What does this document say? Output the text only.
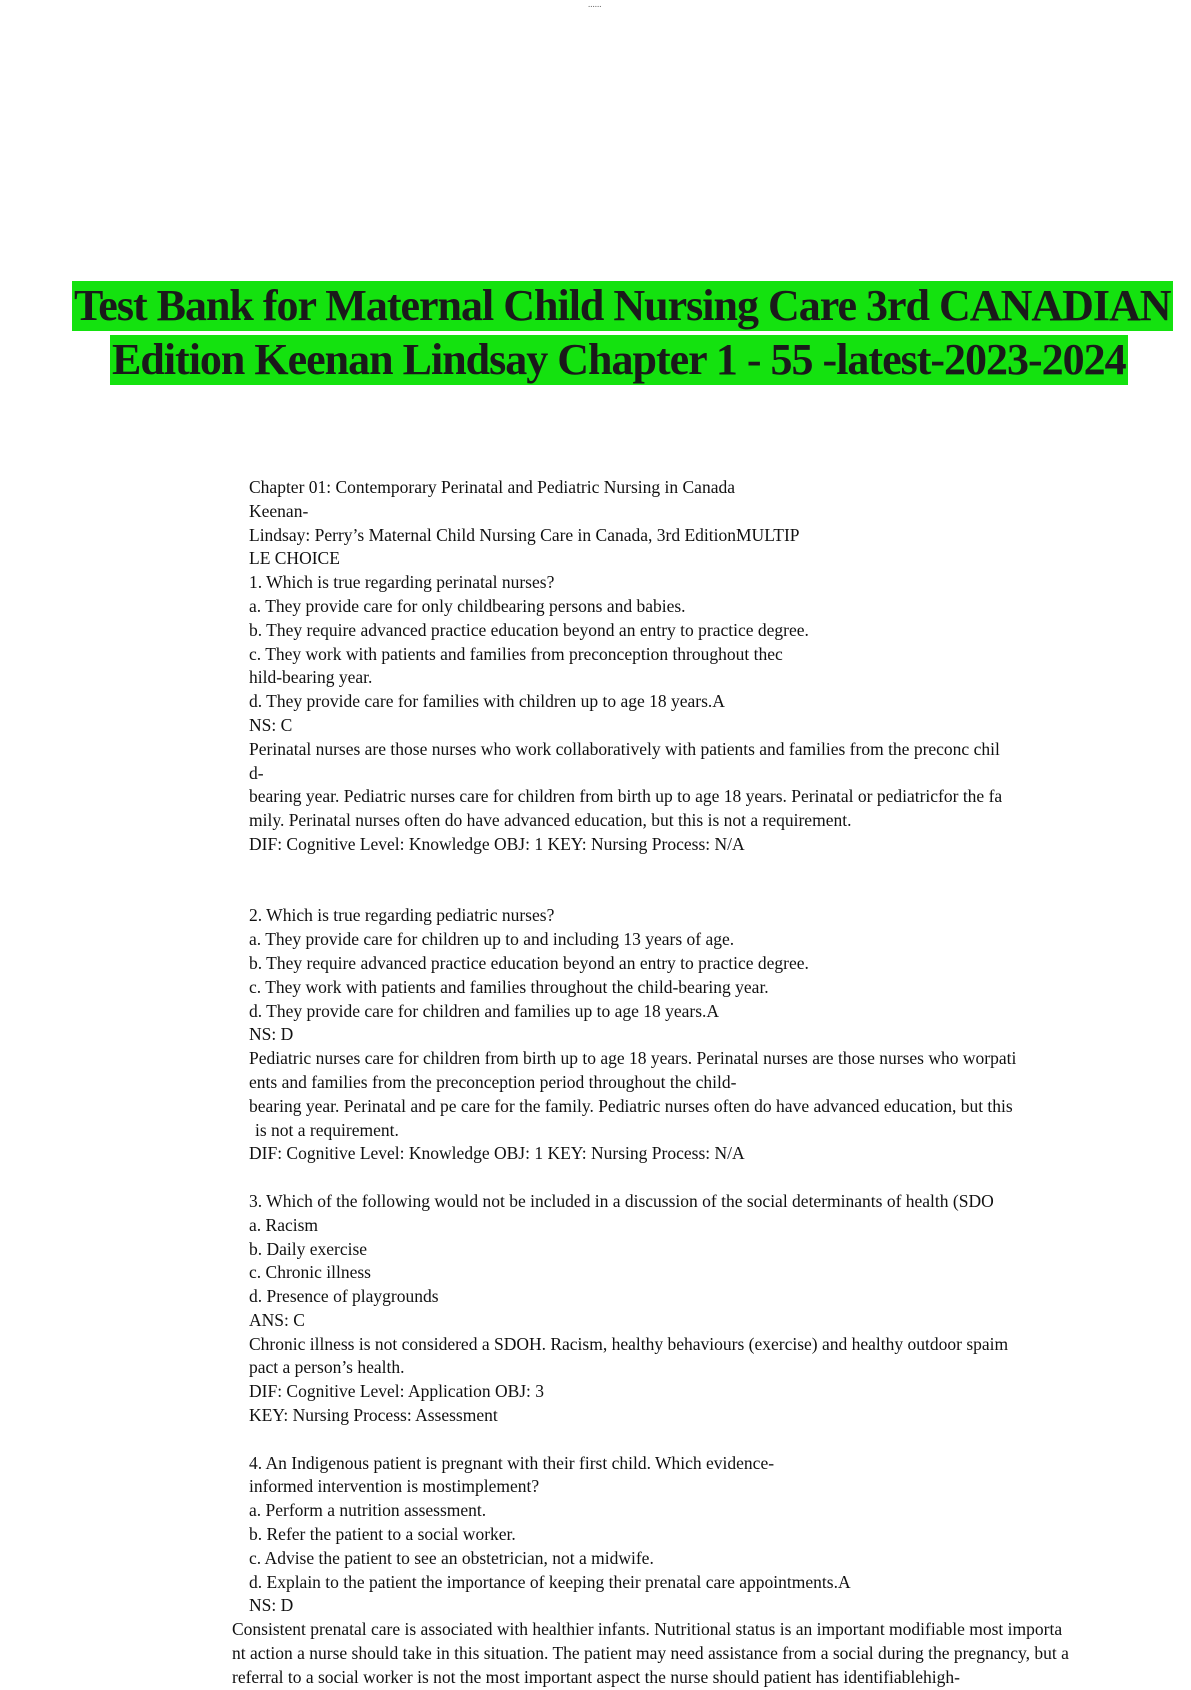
......
Test Bank for Maternal Child Nursing Care 3rd CANADIAN
Edition Keenan Lindsay Chapter 1 - 55 -latest-2023-2024
Chapter 01: Contemporary Perinatal and Pediatric Nursing in Canada
Keenan-
Lindsay: Perry’s Maternal Child Nursing Care in Canada, 3rd EditionMULTIP
LE CHOICE
1. Which is true regarding perinatal nurses?
a. They provide care for only childbearing persons and babies.
b. They require advanced practice education beyond an entry to practice degree.
c. They work with patients and families from preconception throughout thec
hild-bearing year.
d. They provide care for families with children up to age 18 years.A
NS: C
Perinatal nurses are those nurses who work collaboratively with patients and families from the preconc chil
d-
bearing year. Pediatric nurses care for children from birth up to age 18 years. Perinatal or pediatricfor the fa
mily. Perinatal nurses often do have advanced education, but this is not a requirement.
DIF: Cognitive Level: Knowledge OBJ: 1 KEY: Nursing Process: N/A
2. Which is true regarding pediatric nurses?
a. They provide care for children up to and including 13 years of age.
b. They require advanced practice education beyond an entry to practice degree.
c. They work with patients and families throughout the child-bearing year.
d. They provide care for children and families up to age 18 years.A
NS: D
Pediatric nurses care for children from birth up to age 18 years. Perinatal nurses are those nurses who worpati
ents and families from the preconception period throughout the child-
bearing year. Perinatal and pe care for the family. Pediatric nurses often do have advanced education, but this
is not a requirement.
DIF: Cognitive Level: Knowledge OBJ: 1 KEY: Nursing Process: N/A
3. Which of the following would not be included in a discussion of the social determinants of health (SDO
a. Racism
b. Daily exercise
c. Chronic illness
d. Presence of playgrounds
ANS: C
Chronic illness is not considered a SDOH. Racism, healthy behaviours (exercise) and healthy outdoor spaim
pact a person’s health.
DIF: Cognitive Level: Application OBJ: 3
KEY: Nursing Process: Assessment
4. An Indigenous patient is pregnant with their first child. Which evidence-
informed intervention is mostimplement?
a. Perform a nutrition assessment.
b. Refer the patient to a social worker.
c. Advise the patient to see an obstetrician, not a midwife.
d. Explain to the patient the importance of keeping their prenatal care appointments.A
NS: D
Consistent prenatal care is associated with healthier infants. Nutritional status is an important modifiable most importa
nt action a nurse should take in this situation. The patient may need assistance from a social during the pregnancy, but a
referral to a social worker is not the most important aspect the nurse should patient has identifiablehigh-
